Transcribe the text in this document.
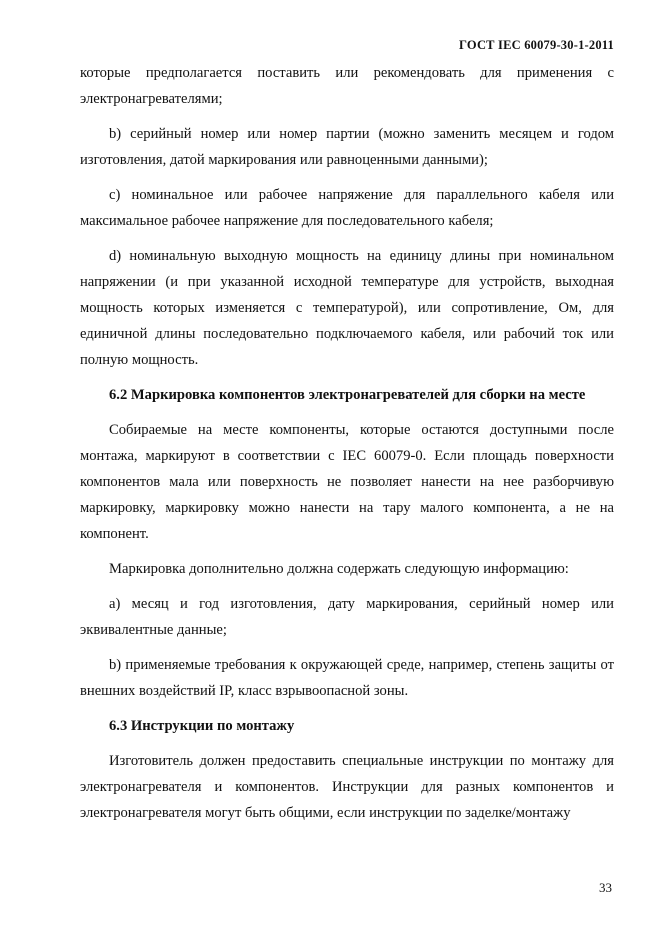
ГОСТ IEC 60079-30-1-2011

которые предполагается поставить или рекомендовать для применения с электронагревателями;

b) серийный номер или номер партии (можно заменить месяцем и годом изготовления, датой маркирования или равноценными данными);

c) номинальное или рабочее напряжение для параллельного кабеля или максимальное рабочее напряжение для последовательного кабеля;

d) номинальную выходную мощность на единицу длины при номинальном напряжении (и при указанной исходной температуре для устройств, выходная мощность которых изменяется с температурой), или сопротивление, Ом, для единичной длины последовательно подключаемого кабеля, или рабочий ток или полную мощность.

6.2 Маркировка компонентов электронагревателей для сборки на месте

Собираемые на месте компоненты, которые остаются доступными после монтажа, маркируют в соответствии с IEC 60079-0. Если площадь поверхности компонентов мала или поверхность не позволяет нанести на нее разборчивую маркировку, маркировку можно нанести на тару малого компонента, а не на компонент.

Маркировка дополнительно должна содержать следующую информацию:

a) месяц и год изготовления, дату маркирования, серийный номер или эквивалентные данные;

b) применяемые требования к окружающей среде, например, степень защиты от внешних воздействий IP, класс взрывоопасной зоны.

6.3 Инструкции по монтажу

Изготовитель должен предоставить специальные инструкции по монтажу для электронагревателя и компонентов. Инструкции для разных компонентов и электронагревателя могут быть общими, если инструкции по заделке/монтажу

33
